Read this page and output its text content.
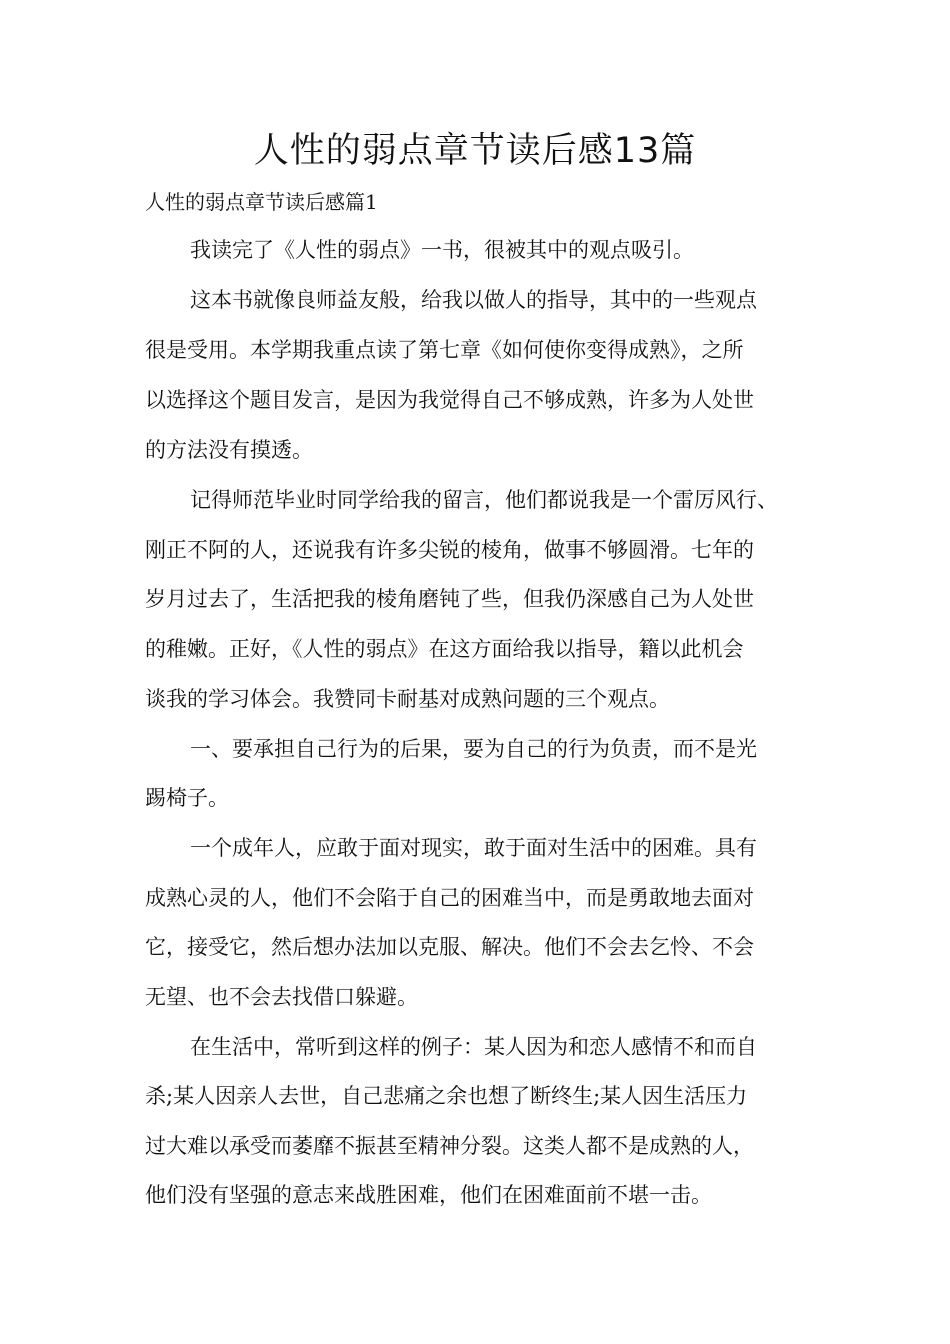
人性的弱点章节读后感13篇
人性的弱点章节读后感篇1
我读完了《人性的弱点》一书，很被其中的观点吸引。
这本书就像良师益友般，给我以做人的指导，其中的一些观点
很是受用。本学期我重点读了第七章《如何使你变得成熟》，之所
以选择这个题目发言，是因为我觉得自己不够成熟，许多为人处世
的方法没有摸透。
记得师范毕业时同学给我的留言，他们都说我是一个雷厉风行、
刚正不阿的人，还说我有许多尖锐的棱角，做事不够圆滑。七年的
岁月过去了，生活把我的棱角磨钝了些，但我仍深感自己为人处世
的稚嫩。正好，《人性的弱点》在这方面给我以指导，籍以此机会
谈我的学习体会。我赞同卡耐基对成熟问题的三个观点。
一、要承担自己行为的后果，要为自己的行为负责，而不是光
踢椅子。
一个成年人，应敢于面对现实，敢于面对生活中的困难。具有
成熟心灵的人，他们不会陷于自己的困难当中，而是勇敢地去面对
它，接受它，然后想办法加以克服、解决。他们不会去乞怜、不会
无望、也不会去找借口躲避。
在生活中，常听到这样的例子：某人因为和恋人感情不和而自
杀;某人因亲人去世，自己悲痛之余也想了断终生;某人因生活压力
过大难以承受而萎靡不振甚至精神分裂。这类人都不是成熟的人，
他们没有坚强的意志来战胜困难，他们在困难面前不堪一击。
